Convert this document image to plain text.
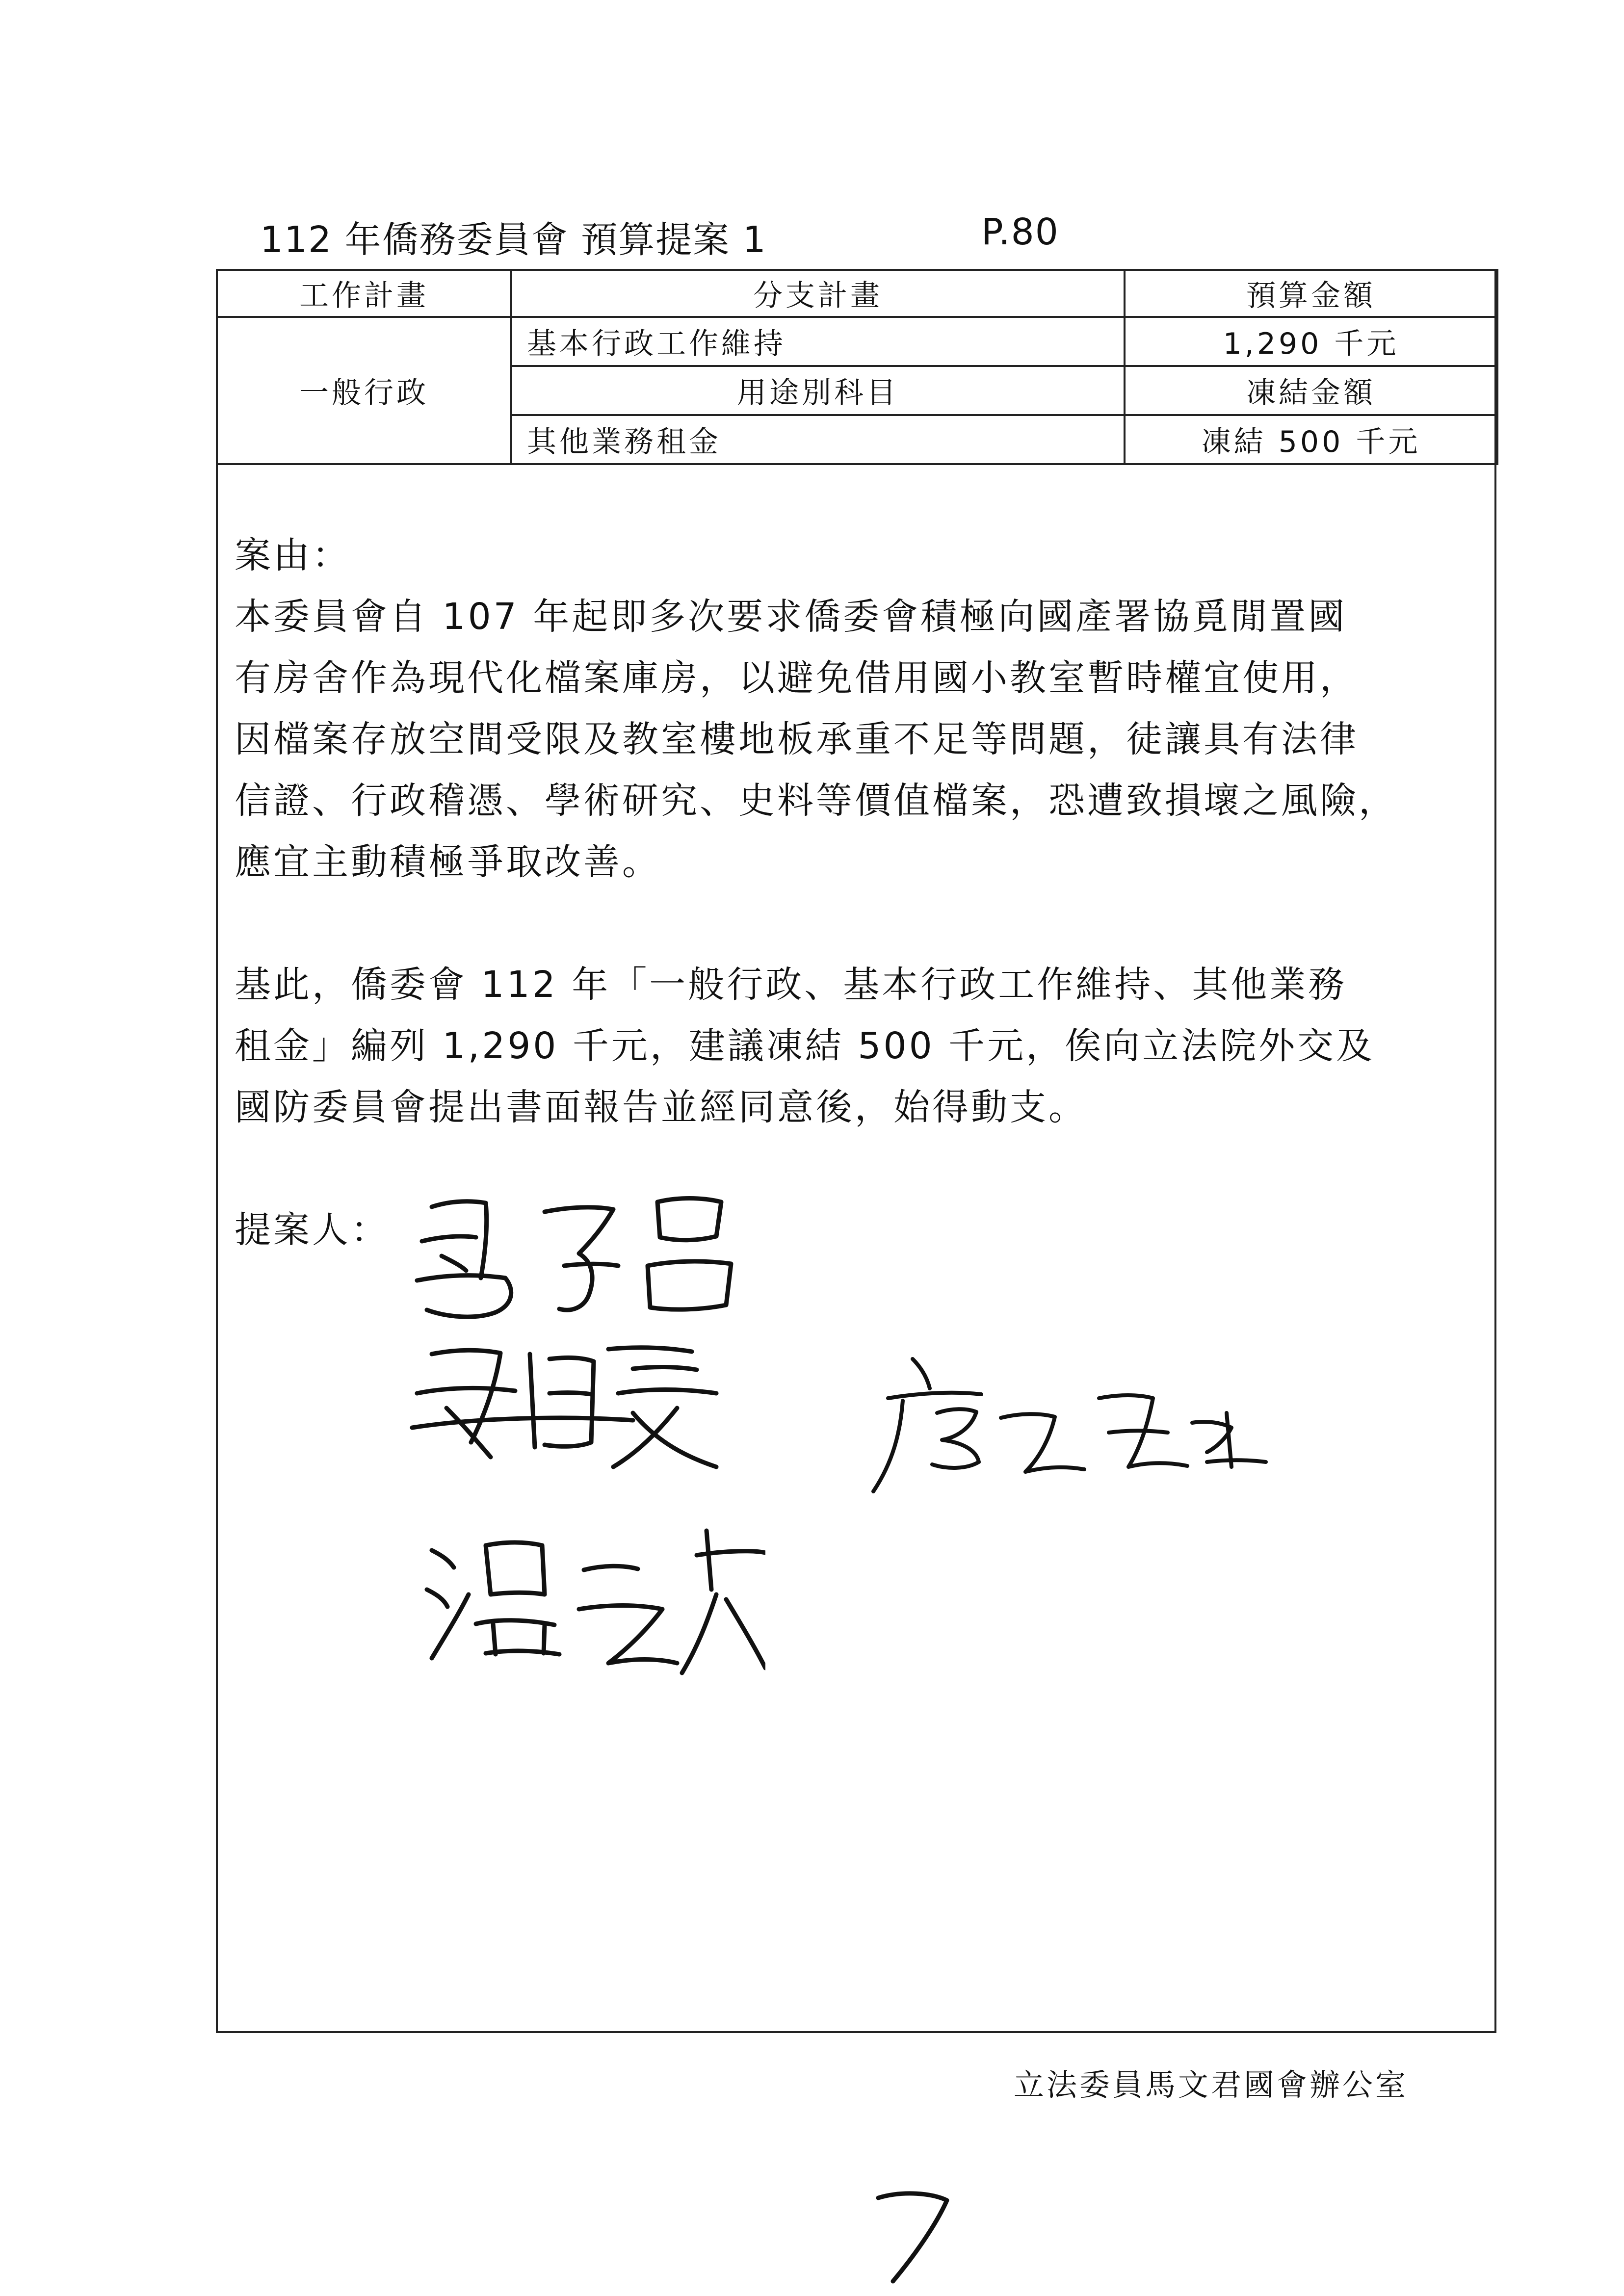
112 年僑務委員會 預算提案 1	P.80
工作計畫	分支計畫	預算金額
一般行政	基本行政工作維持	1,290 千元
	用途別科目	凍結金額
	其他業務租金	凍結 500 千元

案由：

本委員會自 107 年起即多次要求僑委會積極向國產署協覓閒置國

有房舍作為現代化檔案庫房，以避免借用國小教室暫時權宜使用，

因檔案存放空間受限及教室樓地板承重不足等問題，徒讓具有法律

信證、行政稽憑、學術研究、史料等價值檔案，恐遭致損壞之風險，

應宜主動積極爭取改善。

基此，僑委會 112 年「一般行政、基本行政工作維持、其他業務

租金」編列 1,290 千元，建議凍結 500 千元，俟向立法院外交及

國防委員會提出書面報告並經同意後，始得動支。

提案人：

立法委員馬文君國會辦公室
